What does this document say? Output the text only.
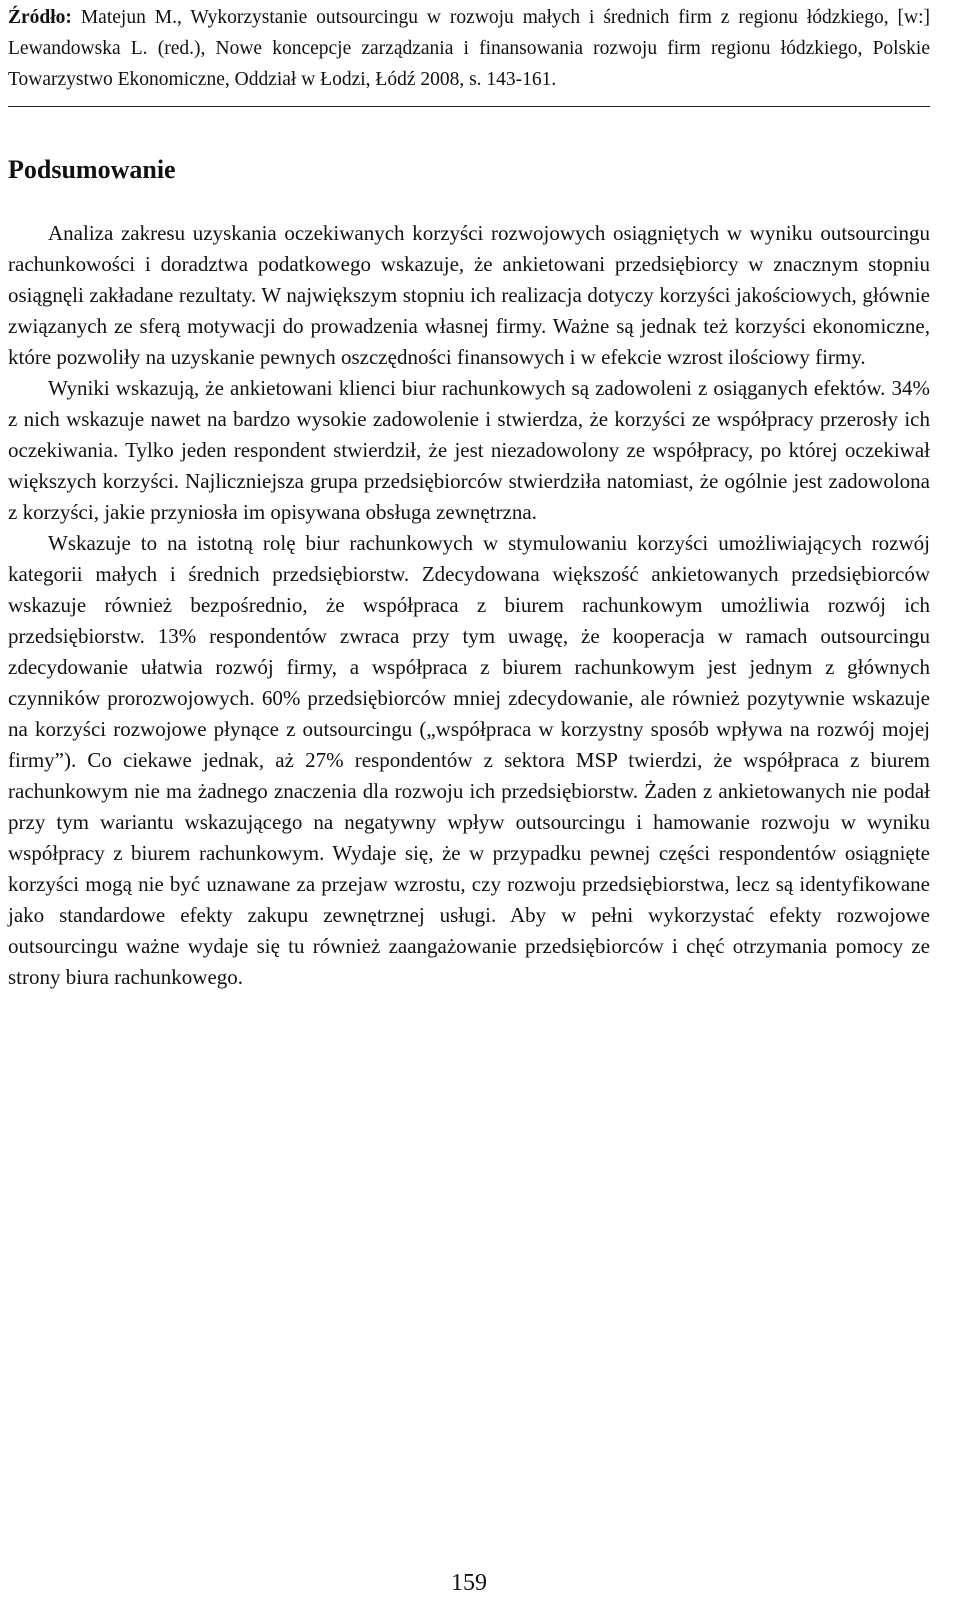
Źródło: Matejun M., Wykorzystanie outsourcingu w rozwoju małych i średnich firm z regionu łódzkiego, [w:] Lewandowska L. (red.), Nowe koncepcje zarządzania i finansowania rozwoju firm regionu łódzkiego, Polskie Towarzystwo Ekonomiczne, Oddział w Łodzi, Łódź 2008, s. 143-161.

Podsumowanie

Analiza zakresu uzyskania oczekiwanych korzyści rozwojowych osiągniętych w wyniku outsourcingu rachunkowości i doradztwa podatkowego wskazuje, że ankietowani przedsiębiorcy w znacznym stopniu osiągnęli zakładane rezultaty. W największym stopniu ich realizacja dotyczy korzyści jakościowych, głównie związanych ze sferą motywacji do prowadzenia własnej firmy. Ważne są jednak też korzyści ekonomiczne, które pozwoliły na uzyskanie pewnych oszczędności finansowych i w efekcie wzrost ilościowy firmy.

Wyniki wskazują, że ankietowani klienci biur rachunkowych są zadowoleni z osiąganych efektów. 34% z nich wskazuje nawet na bardzo wysokie zadowolenie i stwierdza, że korzyści ze współpracy przerosły ich oczekiwania. Tylko jeden respondent stwierdził, że jest niezadowolony ze współpracy, po której oczekiwał większych korzyści. Najliczniejsza grupa przedsiębiorców stwierdziła natomiast, że ogólnie jest zadowolona z korzyści, jakie przyniosła im opisywana obsługa zewnętrzna.

Wskazuje to na istotną rolę biur rachunkowych w stymulowaniu korzyści umożliwiających rozwój kategorii małych i średnich przedsiębiorstw. Zdecydowana większość ankietowanych przedsiębiorców wskazuje również bezpośrednio, że współpraca z biurem rachunkowym umożliwia rozwój ich przedsiębiorstw. 13% respondentów zwraca przy tym uwagę, że kooperacja w ramach outsourcingu zdecydowanie ułatwia rozwój firmy, a współpraca z biurem rachunkowym jest jednym z głównych czynników prorozwojowych. 60% przedsiębiorców mniej zdecydowanie, ale również pozytywnie wskazuje na korzyści rozwojowe płynące z outsourcingu („współpraca w korzystny sposób wpływa na rozwój mojej firmy”). Co ciekawe jednak, aż 27% respondentów z sektora MSP twierdzi, że współpraca z biurem rachunkowym nie ma żadnego znaczenia dla rozwoju ich przedsiębiorstw. Żaden z ankietowanych nie podał przy tym wariantu wskazującego na negatywny wpływ outsourcingu i hamowanie rozwoju w wyniku współpracy z biurem rachunkowym. Wydaje się, że w przypadku pewnej części respondentów osiągnięte korzyści mogą nie być uznawane za przejaw wzrostu, czy rozwoju przedsiębiorstwa, lecz są identyfikowane jako standardowe efekty zakupu zewnętrznej usługi. Aby w pełni wykorzystać efekty rozwojowe outsourcingu ważne wydaje się tu również zaangażowanie przedsiębiorców i chęć otrzymania pomocy ze strony biura rachunkowego.

159
